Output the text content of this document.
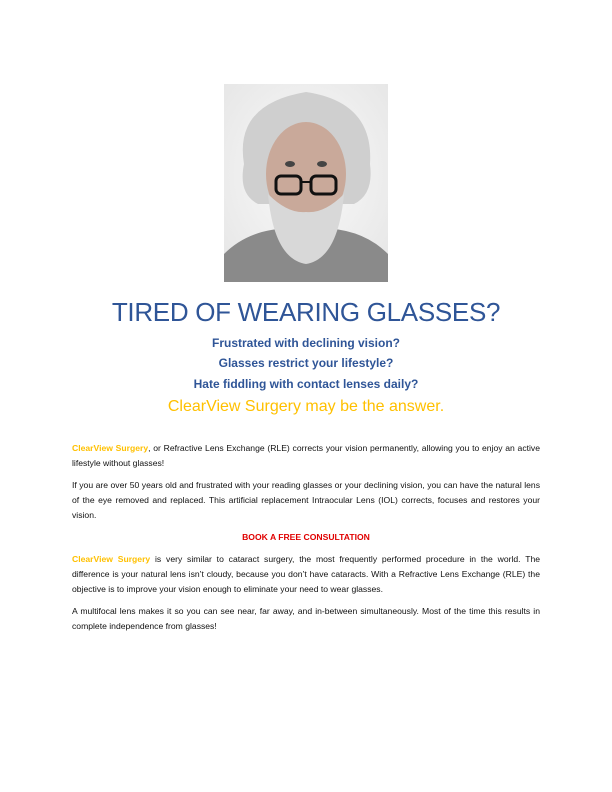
TIRED OF WEARING GLASSES?
Frustrated with declining vision?
Glasses restrict your lifestyle?
Hate fiddling with contact lenses daily?
ClearView Surgery may be the answer.

ClearView Surgery, or Refractive Lens Exchange (RLE) corrects your vision permanently, allowing you to enjoy an active lifestyle without glasses!

If you are over 50 years old and frustrated with your reading glasses or your declining vision, you can have the natural lens of the eye removed and replaced. This artificial replacement Intraocular Lens (IOL) corrects, focuses and restores your vision.

BOOK A FREE CONSULTATION

ClearView Surgery is very similar to cataract surgery, the most frequently performed procedure in the world. The difference is your natural lens isn’t cloudy, because you don’t have cataracts. With a Refractive Lens Exchange (RLE) the objective is to improve your vision enough to eliminate your need to wear glasses.

A multifocal lens makes it so you can see near, far away, and in-between simultaneously. Most of the time this results in complete independence from glasses!
